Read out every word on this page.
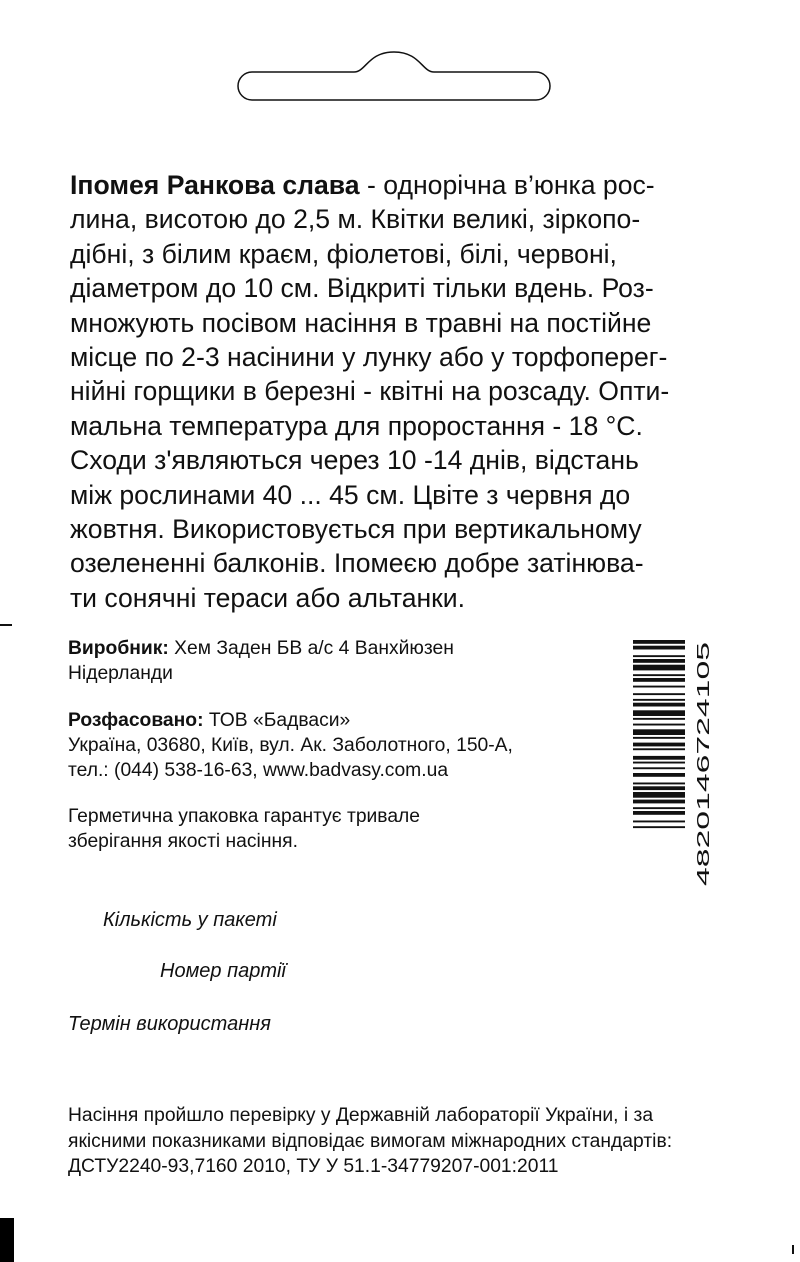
Іпомея Ранкова слава - однорічна в’юнка рос-
лина, висотою до 2,5 м. Квітки великі, зіркопо-
дібні, з білим краєм, фіолетові, білі, червоні,
діаметром до 10 см. Відкриті тільки вдень. Роз-
множують посівом насіння в травні на постійне
місце по 2-3 насінини у лунку або у торфоперег-
нійні горщики в березні - квітні на розсаду. Опти-
мальна температура для проростання - 18 °С.
Сходи з'являються через 10 -14 днів, відстань
між рослинами 40 ... 45 см. Цвіте з червня до
жовтня. Використовується при вертикальному
озелененні балконів. Іпомеєю добре затінюва-
ти сонячні тераси або альтанки.

Виробник: Хем Заден БВ а/с 4 Ванхйюзен
Нідерланди

Розфасовано: ТОВ «Бадваси»
Україна, 03680, Київ, вул. Ак. Заболотного, 150-А,
тел.: (044) 538-16-63, www.badvasy.com.ua

Герметична упаковка гарантує тривале
зберігання якості насіння.	4820146724105
Кількість у пакеті
Номер партії
Термін використання

Насіння пройшло перевірку у Державній лабораторії України, і за
якісними показниками відповідає вимогам міжнародних стандартів:
ДСТУ2240-93,7160 2010, ТУ У 51.1-34779207-001:2011
